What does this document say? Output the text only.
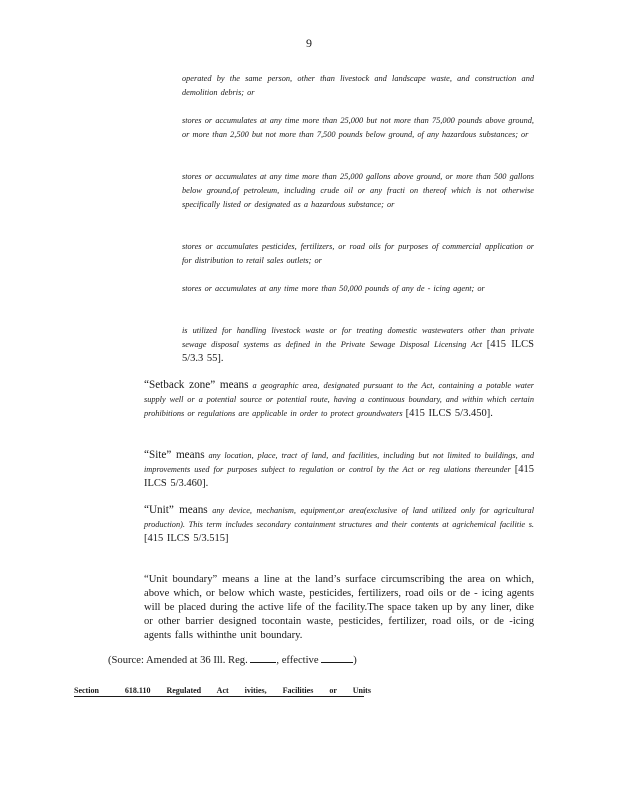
9
operated by the same person, other than livestock and landscape waste, and construction and demolition debris; or
stores or accumulates at any time more than 25,000 but not more than 75,000 pounds above ground, or more than 2,500 but not more than 7,500 pounds below ground, of any hazardous substances; or
stores or accumulates at any time more than 25,000 gallons above ground, or more than 500 gallons below ground,of petroleum, including crude oil or any fracti on thereof which is not otherwise specifically listed or designated as a hazardous substance; or
stores or accumulates pesticides, fertilizers, or road oils for purposes of commercial application or for distribution to retail sales outlets; or
stores or accumulates at any time more than 50,000 pounds of any de - icing agent; or
is utilized for handling livestock waste or for treating domestic wastewaters other than private sewage disposal systems as defined in the Private Sewage Disposal Licensing Act [415 ILCS 5/3.3 55].
“Setback zone” means a geographic area, designated pursuant to the Act, containing a potable water supply well or a potential source or potential route, having a continuous boundary, and within which certain prohibitions or regulations are applicable in order to protect groundwaters [415 ILCS 5/3.450].
“Site” means any location, place, tract of land, and facilities, including but not limited to buildings, and improvements used for purposes subject to regulation or control by the Act or reg ulations thereunder [415 ILCS 5/3.460].
“Unit” means any device, mechanism, equipment,or area(exclusive of land utilized only for agricultural production). This term includes secondary containment structures and their contents at agrichemical facilitie s. [415 ILCS 5/3.515]
“Unit boundary” means a line at the land’s surface circumscribing the area on which, above which, or below which waste, pesticides, fertilizers, road oils or de - icing agents will be placed during the active life of the facility.The space taken up by any liner, dike or other barrier designed tocontain waste, pesticides, fertilizer, road oils, or de -icing agents falls withinthe unit boundary.
(Source: Amended at 36 Ill. Reg.	, effective	)
Section	618.110 Regulated Act ivities, Facilities or Units
